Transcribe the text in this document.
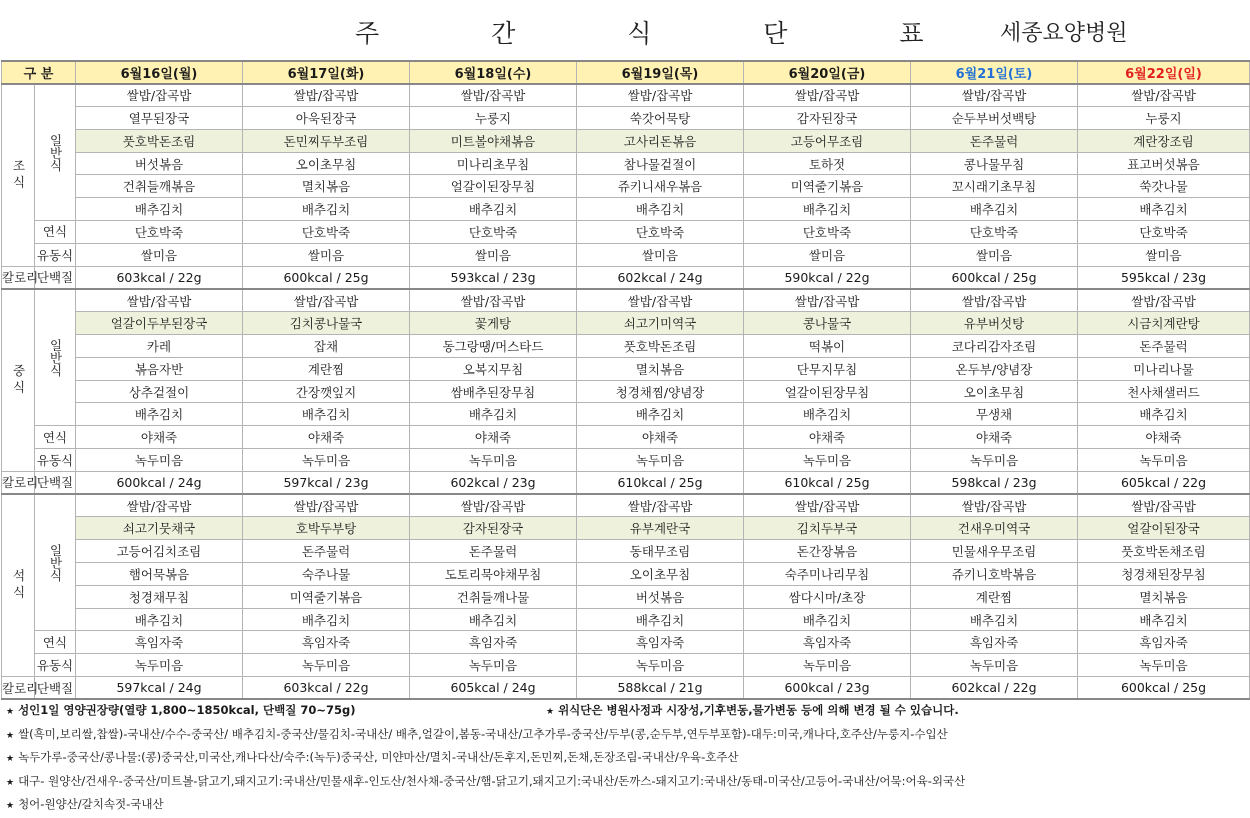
주 간 식 단 표 세종요양병원
구 분		6월16일(월)	6월17일(화)	6월18일(수)	6월19일(목)	6월20일(금)	6월21일(토)	6월22일(일)
조식	일반식	쌀밥/잡곡밥	쌀밥/잡곡밥	쌀밥/잡곡밥	쌀밥/잡곡밥	쌀밥/잡곡밥	쌀밥/잡곡밥	쌀밥/잡곡밥
		열무된장국	아욱된장국	누룽지	쑥갓어묵탕	감자된장국	순두부버섯백탕	누룽지
		풋호박돈조림	돈민찌두부조림	미트볼야채볶음	고사리돈볶음	고등어무조림	돈주물럭	계란장조림
		버섯볶음	오이초무침	미나리초무침	참나물겉절이	토하젓	콩나물무침	표고버섯볶음
		건취들깨볶음	멸치볶음	얼갈이된장무침	쥬키니새우볶음	미역줄기볶음	꼬시래기초무침	쑥갓나물
		배추김치	배추김치	배추김치	배추김치	배추김치	배추김치	배추김치
	연식	단호박죽	단호박죽	단호박죽	단호박죽	단호박죽	단호박죽	단호박죽
	유동식	쌀미음	쌀미음	쌀미음	쌀미음	쌀미음	쌀미음	쌀미음
칼로리	단백질	603kcal / 22g	600kcal / 25g	593kcal / 23g	602kcal / 24g	590kcal / 22g	600kcal / 25g	595kcal / 23g
중식	일반식	쌀밥/잡곡밥	쌀밥/잡곡밥	쌀밥/잡곡밥	쌀밥/잡곡밥	쌀밥/잡곡밥	쌀밥/잡곡밥	쌀밥/잡곡밥
		얼갈이두부된장국	김치콩나물국	꽃게탕	쇠고기미역국	콩나물국	유부버섯탕	시금치계란탕
		카레	잡채	동그랑땡/머스타드	풋호박돈조림	떡볶이	코다리감자조림	돈주물럭
		볶음자반	계란찜	오복지무침	멸치볶음	단무지무침	온두부/양념장	미나리나물
		상추겉절이	간장깻잎지	쌈배추된장무침	청경채찜/양념장	얼갈이된장무침	오이초무침	천사채샐러드
		배추김치	배추김치	배추김치	배추김치	배추김치	무생채	배추김치
	연식	야채죽	야채죽	야채죽	야채죽	야채죽	야채죽	야채죽
	유동식	녹두미음	녹두미음	녹두미음	녹두미음	녹두미음	녹두미음	녹두미음
칼로리	단백질	600kcal / 24g	597kcal / 23g	602kcal / 23g	610kcal / 25g	610kcal / 25g	598kcal / 23g	605kcal / 22g
석식	일반식	쌀밥/잡곡밥	쌀밥/잡곡밥	쌀밥/잡곡밥	쌀밥/잡곡밥	쌀밥/잡곡밥	쌀밥/잡곡밥	쌀밥/잡곡밥
		쇠고기뭇채국	호박두부탕	감자된장국	유부계란국	김치두부국	건새우미역국	얼갈이된장국
		고등어김치조림	돈주물럭	돈주물럭	동태무조림	돈간장볶음	민물새우무조림	풋호박돈채조림
		햄어묵볶음	숙주나물	도토리묵야채무침	오이초무침	숙주미나리무침	쥬키니호박볶음	청경채된장무침
		청경채무침	미역줄기볶음	건취들깨나물	버섯볶음	쌈다시마/초장	계란찜	멸치볶음
		배추김치	배추김치	배추김치	배추김치	배추김치	배추김치	배추김치
	연식	흑임자죽	흑임자죽	흑임자죽	흑임자죽	흑임자죽	흑임자죽	흑임자죽
	유동식	녹두미음	녹두미음	녹두미음	녹두미음	녹두미음	녹두미음	녹두미음
칼로리	단백질	597kcal / 24g	603kcal / 22g	605kcal / 24g	588kcal / 21g	600kcal / 23g	602kcal / 22g	600kcal / 25g
★ 성인1일 영양권장량(열량 1,800~1850kcal, 단백질 70~75g)	★ 위식단은 병원사정과 시장성,기후변동,물가변동 등에 의해 변경 될 수 있습니다.
★ 쌀(흑미,보리쌀,찹쌀)-국내산/수수-중국산/ 배추김치-중국산/물김치-국내산/ 배추,얼갈이,봄동-국내산/고추가루-중국산/두부(콩,순두부,연두부포함)-대두:미국,캐나다,호주산/누룽지-수입산
★ 녹두가루-중국산/콩나물:(콩)중국산,미국산,캐나다산/숙주:(녹두)중국산, 미얀마산/멸치-국내산/돈후지,돈민찌,돈채,돈장조림-국내산/우육-호주산
★ 대구- 원양산/건새우-중국산/미트볼-닭고기,돼지고기:국내산/민물새후-인도산/천사채-중국산/햄-닭고기,돼지고기:국내산/돈까스-돼지고기:국내산/동태-미국산/고등어-국내산/어묵:어육-외국산
★ 청어-원양산/갈치속젓-국내산
